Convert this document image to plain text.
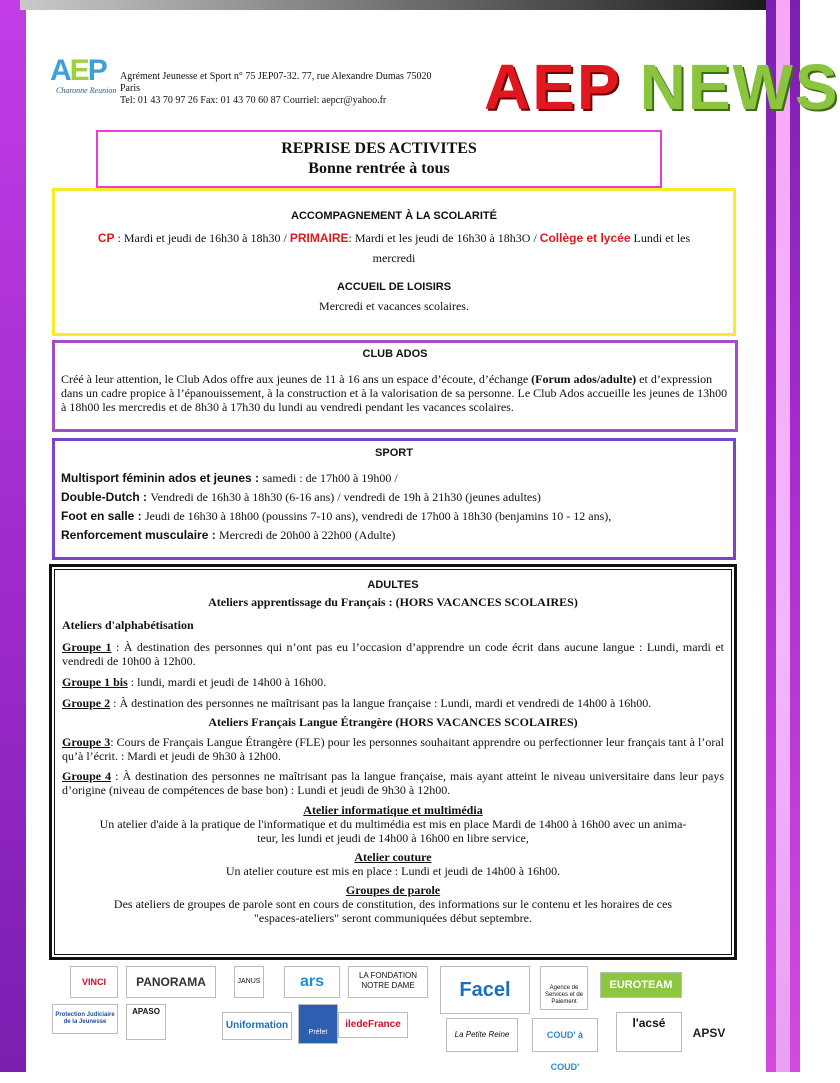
AEP
Charonne Reunion
Agrément Jeunesse et Sport n° 75 JEP07-32. 77, rue Alexandre Dumas 75020
Paris
Tel: 01 43 70 97 26 Fax: 01 43 70 60 87 Courriel: aepcr@yahoo.fr	AEP NEWS
REPRISE DES ACTIVITES
Bonne rentrée à tous
ACCOMPAGNEMENT À LA SCOLARITÉ
CP : Mardi et jeudi de 16h30 à 18h30 / PRIMAIRE: Mardi et les jeudi de 16h30 à 18h3O / Collège et lycée Lundi et les
mercredi
ACCUEIL DE LOISIRS
Mercredi et vacances scolaires.
CLUB ADOS
Créé à leur attention, le Club Ados offre aux jeunes de 11 à 16 ans un espace d’écoute, d’échange (Forum ados/adulte) et d’expression dans un cadre propice à l’épanouissement, à la construction et à la valorisation de sa personne. Le Club Ados accueille les jeunes de 13h00 à 18h00 les mercredis et de 8h30 à 17h30 du lundi au vendredi pendant les vacances scolaires.
SPORT
Multisport féminin ados et jeunes : samedi : de 17h00 à 19h00 /
Double-Dutch : Vendredi de 16h30 à 18h30 (6-16 ans) / vendredi de 19h à 21h30 (jeunes adultes)
Foot en salle : Jeudi de 16h30 à 18h00 (poussins 7-10 ans), vendredi de 17h00 à 18h30 (benjamins 10 - 12 ans),
Renforcement musculaire : Mercredi de 20h00 à 22h00 (Adulte)
ADULTES
Ateliers apprentissage du Français : (HORS VACANCES SCOLAIRES)
Ateliers d'alphabétisation
Groupe 1 : À destination des personnes qui n’ont pas eu l’occasion d’apprendre un code écrit dans aucune langue : Lundi, mardi et vendredi de 10h00 à 12h00.
Groupe 1 bis : lundi, mardi et jeudi de 14h00 à 16h00.
Groupe 2 : À destination des personnes ne maîtrisant pas la langue française : Lundi, mardi et vendredi de 14h00 à 16h00.
Ateliers Français Langue Étrangère (HORS VACANCES SCOLAIRES)
Groupe 3: Cours de Français Langue Étrangère (FLE) pour les personnes souhaitant apprendre ou perfectionner leur français tant à l’oral qu’à l’écrit. : Mardi et jeudi de 9h30 à 12h00.
Groupe 4 : À destination des personnes ne maîtrisant pas la langue française, mais ayant atteint le niveau universitaire dans leur pays d’origine (niveau de compétences de base bon) : Lundi et jeudi de 9h30 à 12h00.
Atelier informatique et multimédia
Un atelier d'aide à la pratique de l'informatique et du multimédia est mis en place Mardi de 14h00 à 16h00 avec un anima-
teur, les lundi et jeudi de 14h00 à 16h00 en libre service,
Atelier couture
Un atelier couture est mis en place : Lundi et jeudi de 14h00 à 16h00.
Groupes de parole
Des ateliers de groupes de parole sont en cours de constitution, des informations sur le contenu et les horaires de ces
"espaces-ateliers" seront communiquées début septembre.
VINCI	PANORAMA	JANUS	ars	LA FONDATION NOTRE DAME	Facel	Agence de Services et de Paiement
EUROTEAM
Protection Judiciaire de la Jeunesse
APASO
Uniformation
Préfet
iledeFrance
La Petite Reine	COUD' à COUD'
l'acsé
APSV
